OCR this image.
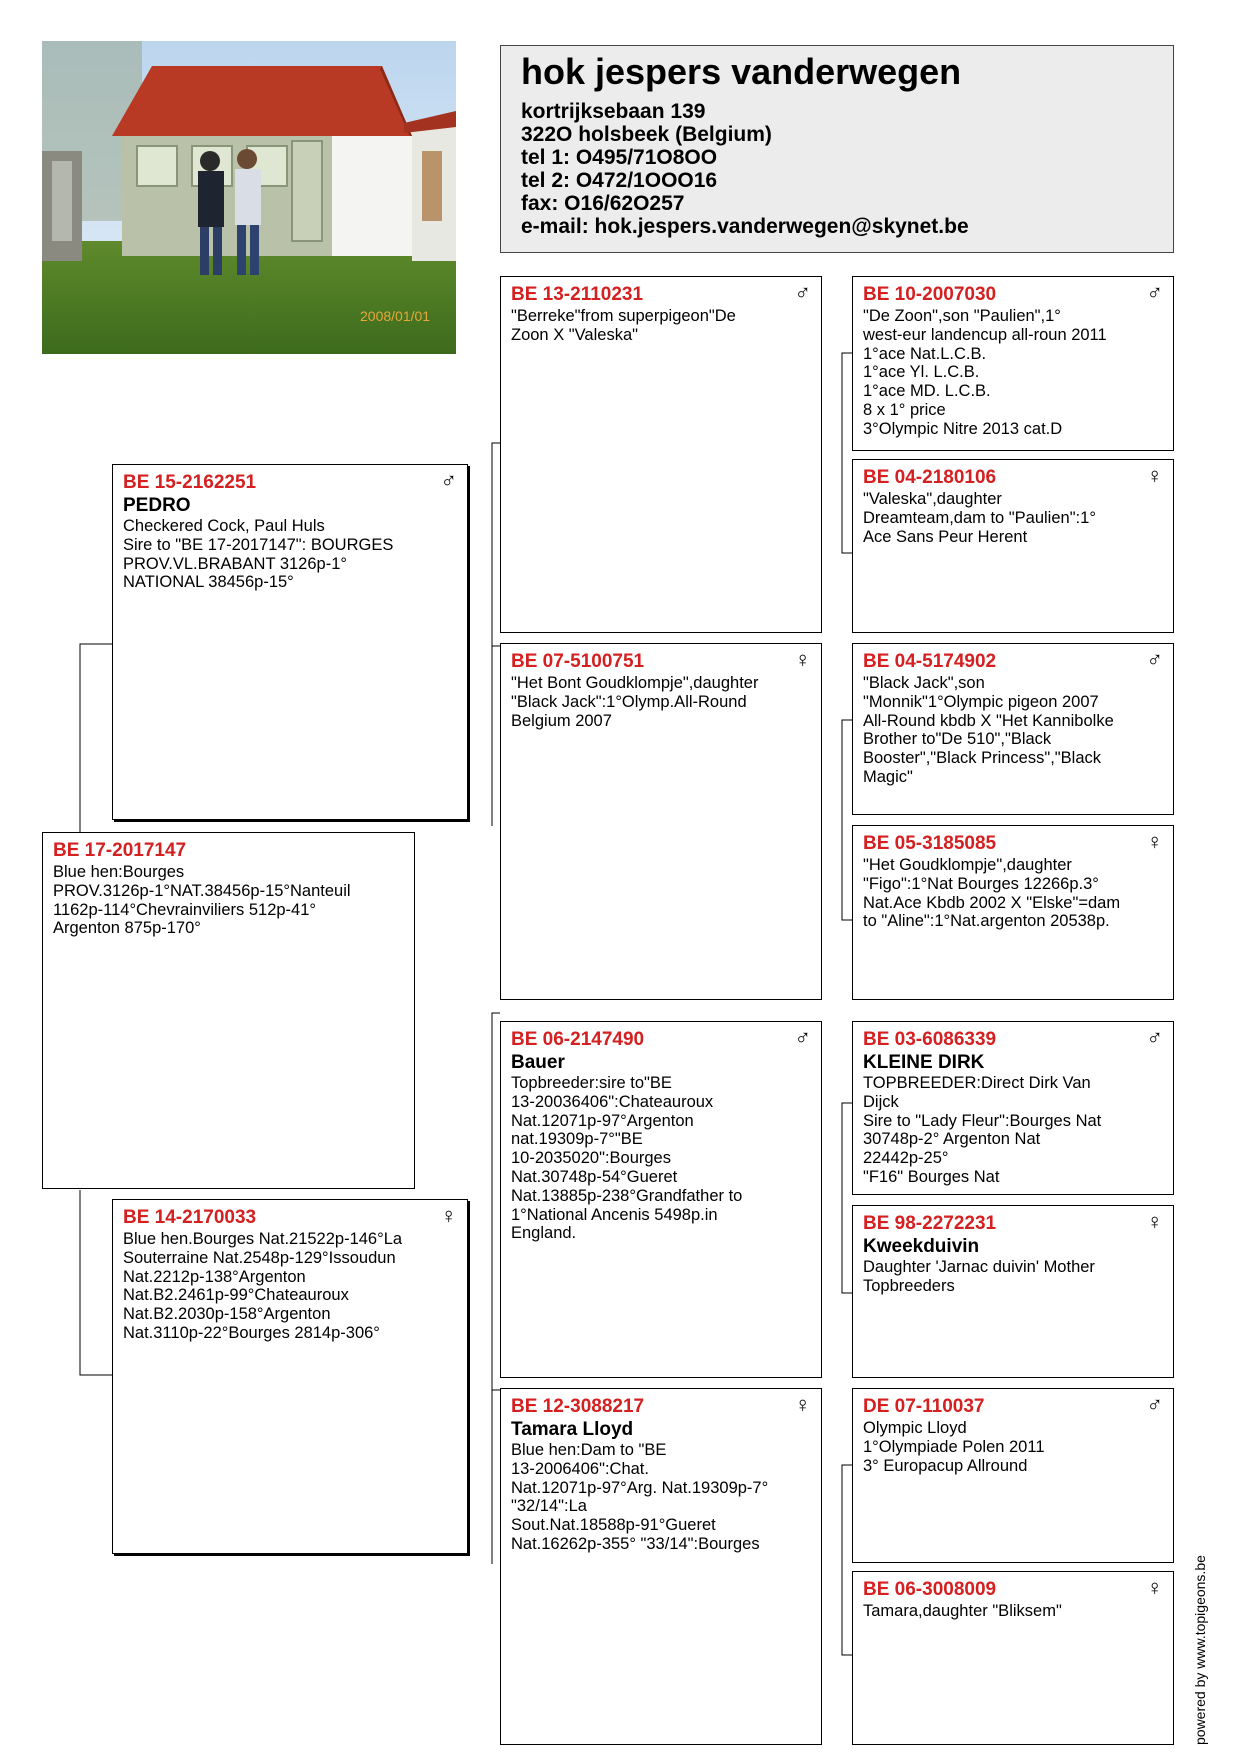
2008/01/01
hok jespers vanderwegen
kortrijksebaan 139
322O holsbeek (Belgium)
tel 1: O495/71O8OO
tel 2: O472/1OOO16
fax: O16/62O257
e-mail: hok.jespers.vanderwegen@skynet.be
BE 17-2017147
Blue hen:Bourges
PROV.3126p-1°NAT.38456p-15°Nanteuil
1162p-114°Chevrainviliers 512p-41°
Argenton 875p-170°
BE 15-2162251	♂
PEDRO
Checkered Cock, Paul Huls
Sire to "BE 17-2017147": BOURGES
PROV.VL.BRABANT 3126p-1°
NATIONAL 38456p-15°
BE 14-2170033	♀
Blue hen.Bourges Nat.21522p-146°La
Souterraine Nat.2548p-129°Issoudun
Nat.2212p-138°Argenton
Nat.B2.2461p-99°Chateauroux
Nat.B2.2030p-158°Argenton
Nat.3110p-22°Bourges 2814p-306°
BE 13-2110231	♂
"Berreke"from superpigeon"De
Zoon X "Valeska"
BE 07-5100751	♀
"Het Bont Goudklompje",daughter
"Black Jack":1°Olymp.All-Round
Belgium 2007
BE 06-2147490	♂
Bauer
Topbreeder:sire to"BE
13-20036406":Chateauroux
Nat.12071p-97°Argenton
nat.19309p-7°"BE
10-2035020":Bourges
Nat.30748p-54°Gueret
Nat.13885p-238°Grandfather to
1°National Ancenis 5498p.in
England.
BE 12-3088217	♀
Tamara Lloyd
Blue hen:Dam to "BE
13-2006406":Chat.
Nat.12071p-97°Arg. Nat.19309p-7°
"32/14":La
Sout.Nat.18588p-91°Gueret
Nat.16262p-355° "33/14":Bourges
BE 10-2007030	♂
"De Zoon",son "Paulien",1°
west-eur landencup all-roun 2011
1°ace Nat.L.C.B.
1°ace Yl. L.C.B.
1°ace MD. L.C.B.
8 x 1° price
3°Olympic Nitre 2013 cat.D
BE 04-2180106	♀
"Valeska",daughter
Dreamteam,dam to "Paulien":1°
Ace Sans Peur Herent
BE 04-5174902	♂
"Black Jack",son
"Monnik"1°Olympic pigeon 2007
All-Round kbdb X "Het Kannibolke
Brother to"De 510","Black
Booster","Black Princess","Black
Magic"
BE 05-3185085	♀
"Het Goudklompje",daughter
"Figo":1°Nat Bourges 12266p.3°
Nat.Ace Kbdb 2002 X "Elske"=dam
to "Aline":1°Nat.argenton 20538p.
BE 03-6086339	♂
KLEINE DIRK
TOPBREEDER:Direct Dirk Van
Dijck
Sire to "Lady Fleur":Bourges Nat
30748p-2° Argenton Nat
22442p-25°
"F16" Bourges Nat
BE 98-2272231	♀
Kweekduivin
Daughter 'Jarnac duivin' Mother
Topbreeders
DE 07-110037	♂
Olympic Lloyd
1°Olympiade Polen 2011
3° Europacup Allround
BE 06-3008009	♀
Tamara,daughter "Bliksem"	powered by www.topigeons.be
